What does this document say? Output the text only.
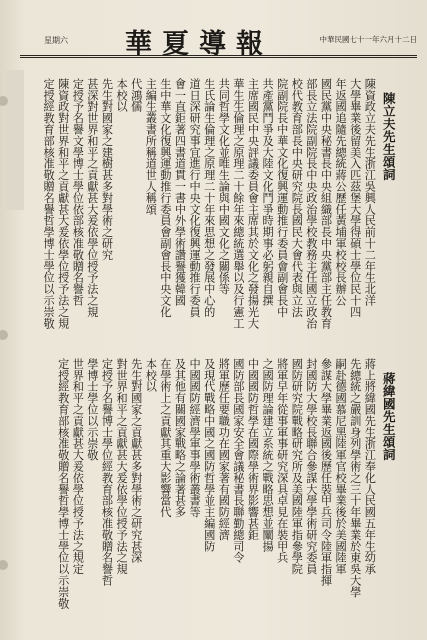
星期六 華夏導報	中華民國七十一年六月十二日
陳立夫先生頌詞
陳資政立夫先生浙江吳興人民前十二年生北洋
大學畢業後留美入匹茲堡大學得碩士學位民十四
年返國追隨先總統蔣公歷任黃埔軍校校長辦公
國民黨中央秘書長中央組織部長中央黨部主任教育
部長立法院副院長中央政治學校教務主任國立政治
校代教育部長中央研究院長國民大會代表與立法
院副院長中華文化復興運動推行委員會副會長中
共產黨鬥爭及大陸文化鬥爭時期事必躬親自撰
主席國民中央評議委員會主席其於文化之發揚光大
華生生倫理之原理二十餘年來總統選舉以及行憲工
共同哲學文化並唯生論與中國文化之關係等
生氏論生倫理之原理二十年來思想之發展中心的
道日深研究事宜進行中央文化復興運動推行委員
會一直鉅著四書道貫一書中外學術讚譽獲韓國
生中華文化復興運動推行委員會副會長中央文化
主編生叢書所稱道世人稱頌
代鴻儒
本校以
先生對國家之建樹甚多對學術之研究
甚深對世界和平之貢獻甚大爰依學位授予法之規
定授予名譽文學博士學位依部核准敬贈名譽哲
陳資政對世界和平之貢獻甚大爰依學位授予法之規
定授經教育部核准敬贈名譽哲學博士學位以示崇敬
蔣緯國先生頌詞
蔣上將緯國先生浙江奉化人民國五年生幼承
先總統之嚴訓身列學術之三十年畢業於東吳大學
嗣赴德國慕尼黑陸軍官校畢業後於美國陸軍
參謀大學畢業返國後歷任裝甲兵司令陸軍指揮
封國防大學校長聯合參謀大學學術研究委員
國防研究院戰略研究所及美國陸軍指參學院
將軍早年從事軍事研究深具卓見在裝甲兵
之國防理論建立系統之戰略思想並闡揚
中國國防哲學在國際學術界影響甚鉅
國防部長國家安全會議秘書長聯勤總司令
將軍歷任要職功在國家著有國防經濟
及現代戰略中國之國防哲學並主編國防
中國國防經濟學軍事學術叢書等
及其他有關國家戰略之論著甚多
在學術上之貢獻其重大影響當代
本校以
先生對國家之貢獻甚多對學術之研究甚深
對世界和平之貢獻甚大爰依學位授予法之規
定授予名譽博士學位經教育部核准敬贈名譽哲
學博士學位以示崇敬
世界和平之貢獻甚大爰依學位授予法之規定
定授經教育部核准敬贈名譽哲學博士學位以示崇敬
